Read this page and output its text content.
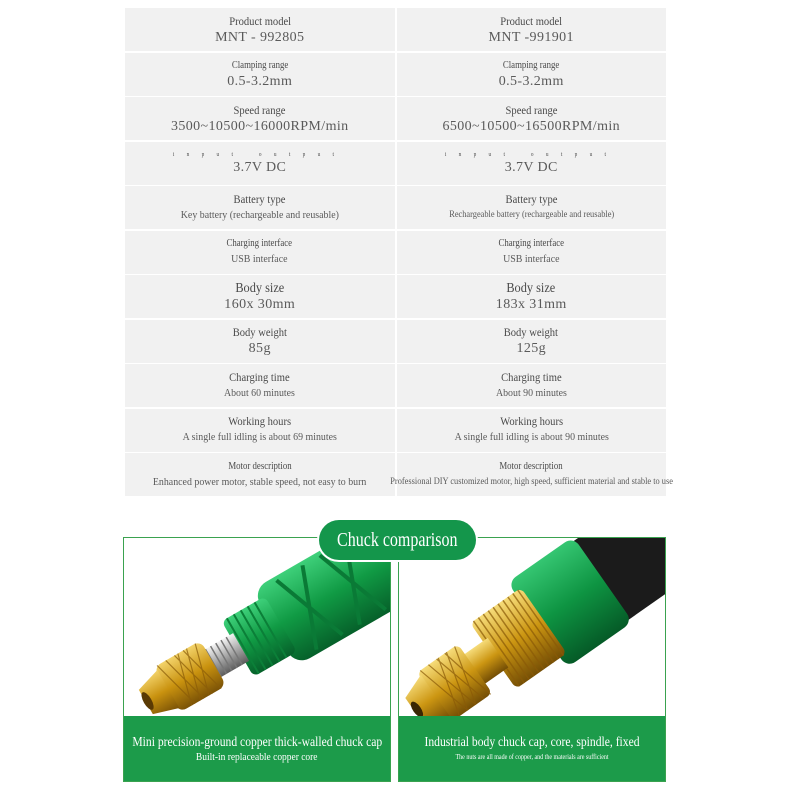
Product model
MNT - 992805
Product model
MNT -991901
Clamping range
0.5-3.2mm
Clamping range
0.5-3.2mm
Speed range
3500~10500~16000RPM/min
Speed range
6500~10500~16500RPM/min
input output
3.7V DC
input output
3.7V DC
Battery type
Key battery (rechargeable and reusable)
Battery type
Rechargeable battery (rechargeable and reusable)
Charging interface
USB interface
Charging interface
USB interface
Body size
160x 30mm
Body size
183x 31mm
Body weight
85g
Body weight
125g
Charging time
About 60 minutes
Charging time
About 90 minutes
Working hours
A single full idling is about 69 minutes
Working hours
A single full idling is about 90 minutes
Motor description
Enhanced power motor, stable speed, not easy to burn
Motor description
Professional DIY customized motor, high speed, sufficient material and stable to use
Chuck comparison
Mini precision-ground copper thick-walled chuck cap
Built-in replaceable copper core
Industrial body chuck cap, core, spindle, fixed
The nuts are all made of copper, and the materials are sufficient
